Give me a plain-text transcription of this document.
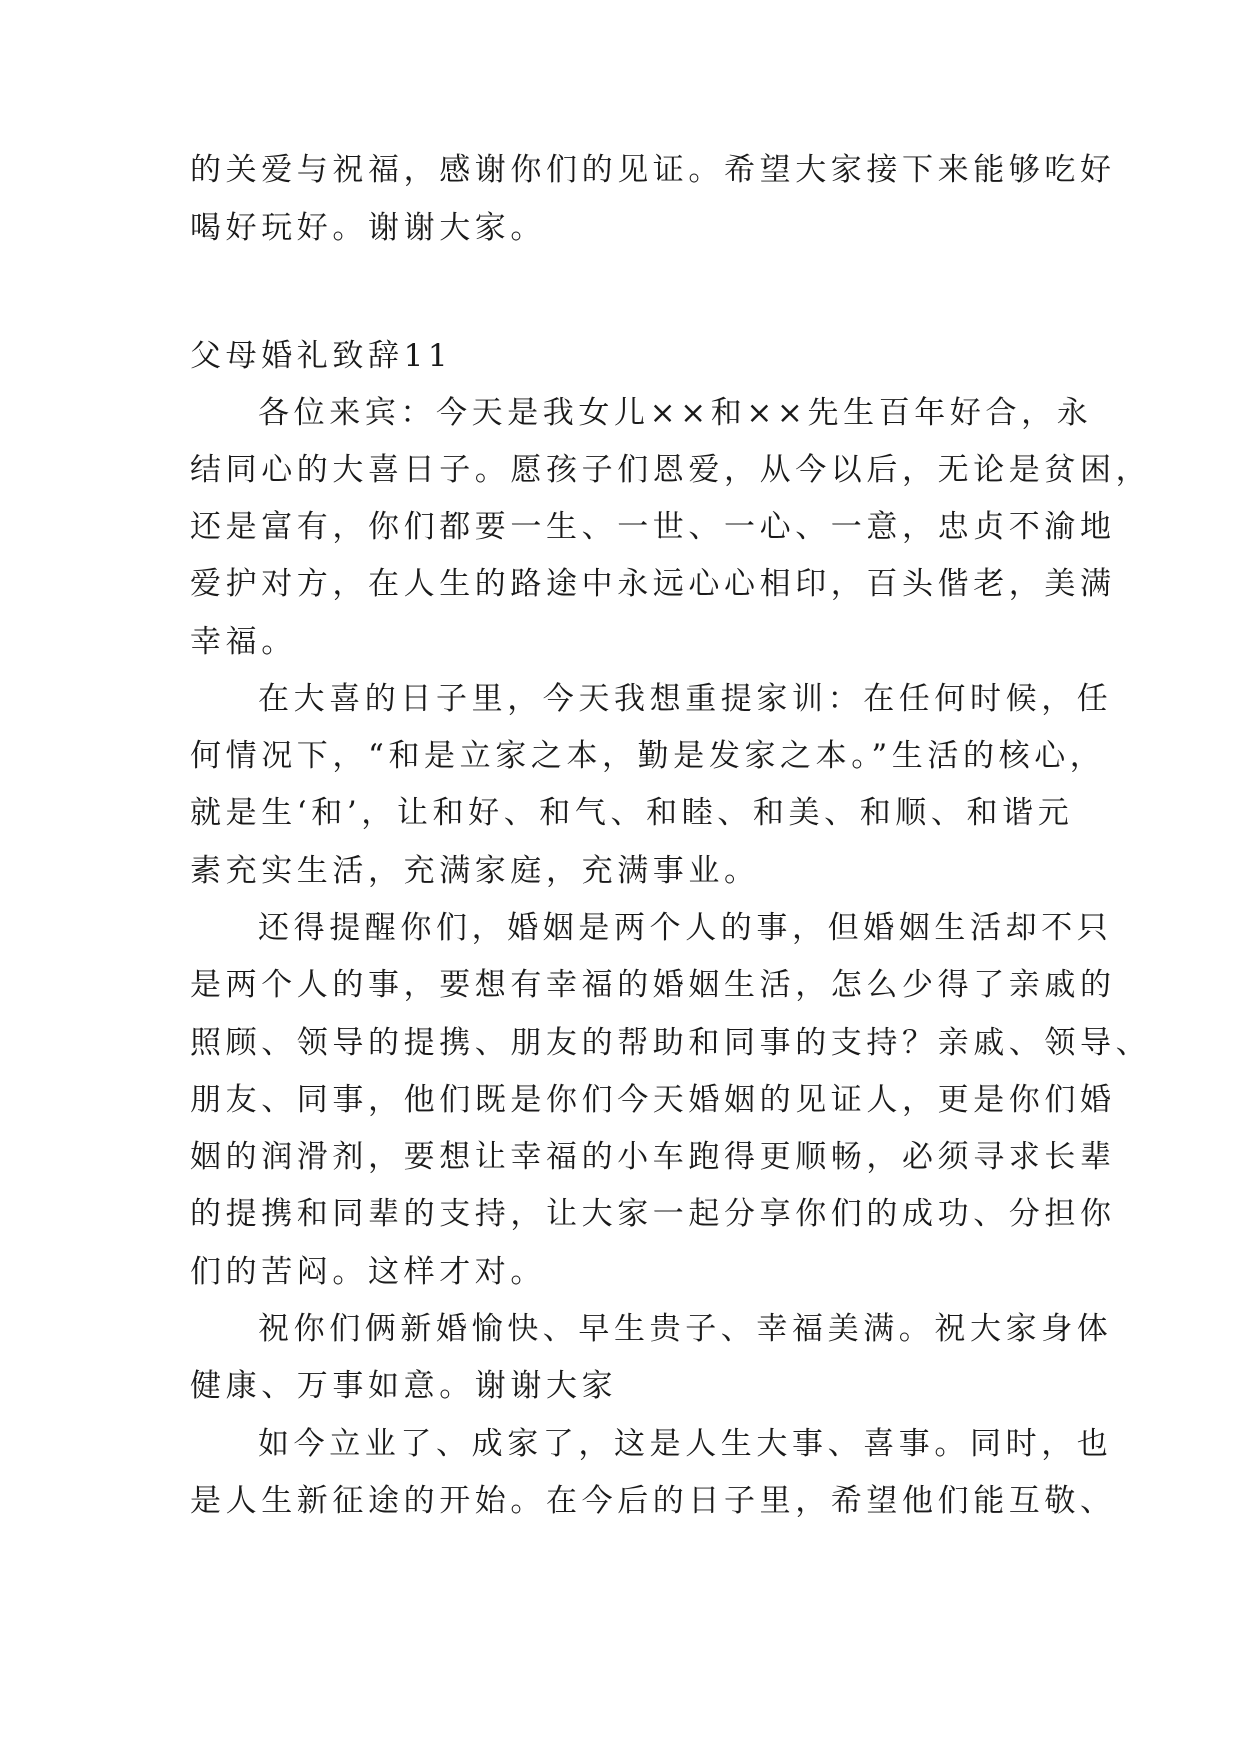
的关爱与祝福，感谢你们的见证。希望大家接下来能够吃好
喝好玩好。谢谢大家。
父母婚礼致辞11
各位来宾：今天是我女儿××和××先生百年好合，永
结同心的大喜日子。愿孩子们恩爱，从今以后，无论是贫困，
还是富有，你们都要一生、一世、一心、一意，忠贞不渝地
爱护对方，在人生的路途中永远心心相印，百头偕老，美满
幸福。
在大喜的日子里，今天我想重提家训：在任何时候，任
何情况下，“和是立家之本，勤是发家之本。”生活的核心，
就是生‘和’，让和好、和气、和睦、和美、和顺、和谐元
素充实生活，充满家庭，充满事业。
还得提醒你们，婚姻是两个人的事，但婚姻生活却不只
是两个人的事，要想有幸福的婚姻生活，怎么少得了亲戚的
照顾、领导的提携、朋友的帮助和同事的支持？亲戚、领导、
朋友、同事，他们既是你们今天婚姻的见证人，更是你们婚
姻的润滑剂，要想让幸福的小车跑得更顺畅，必须寻求长辈
的提携和同辈的支持，让大家一起分享你们的成功、分担你
们的苦闷。这样才对。
祝你们俩新婚愉快、早生贵子、幸福美满。祝大家身体
健康、万事如意。谢谢大家
如今立业了、成家了，这是人生大事、喜事。同时，也
是人生新征途的开始。在今后的日子里，希望他们能互敬、
